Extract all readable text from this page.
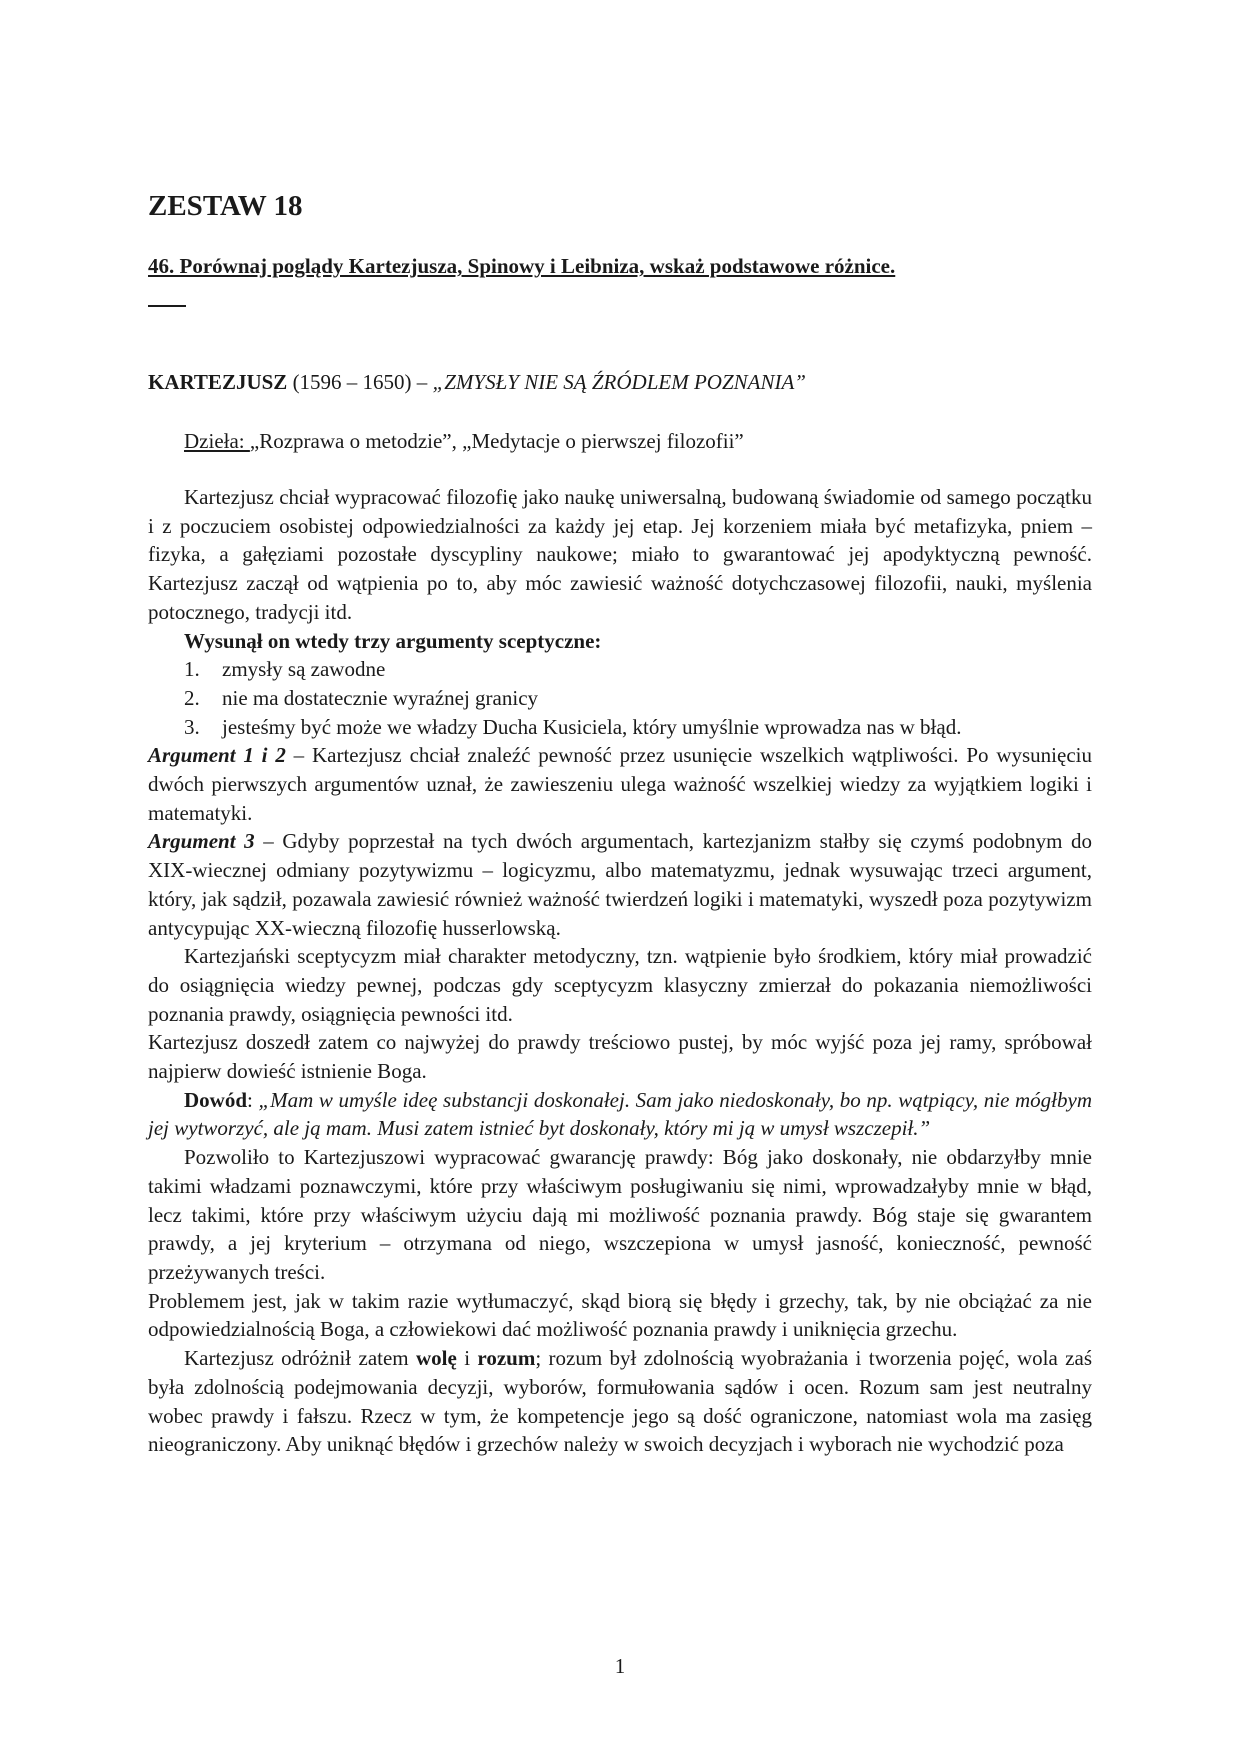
ZESTAW 18

46. Porównaj poglądy Kartezjusza, Spinowy i Leibniza, wskaż podstawowe różnice.

KARTEZJUSZ (1596 – 1650) – „ZMYSŁY NIE SĄ ŹRÓDLEM POZNANIA”

Dzieła: „Rozprawa o metodzie”, „Medytacje o pierwszej filozofii”

Kartezjusz chciał wypracować filozofię jako naukę uniwersalną, budowaną świadomie od samego początku i z poczuciem osobistej odpowiedzialności za każdy jej etap. Jej korzeniem miała być metafizyka, pniem – fizyka, a gałęziami pozostałe dyscypliny naukowe; miało to gwarantować jej apodyktyczną pewność. Kartezjusz zaczął od wątpienia po to, aby móc zawiesić ważność dotychczasowej filozofii, nauki, myślenia potocznego, tradycji itd.

Wysunął on wtedy trzy argumenty sceptyczne:

1. zmysły są zawodne
2. nie ma dostatecznie wyraźnej granicy
3. jesteśmy być może we władzy Ducha Kusiciela, który umyślnie wprowadza nas w błąd.

Argument 1 i 2 – Kartezjusz chciał znaleźć pewność przez usunięcie wszelkich wątpliwości. Po wysunięciu dwóch pierwszych argumentów uznał, że zawieszeniu ulega ważność wszelkiej wiedzy za wyjątkiem logiki i matematyki.

Argument 3 – Gdyby poprzestał na tych dwóch argumentach, kartezjanizm stałby się czymś podobnym do XIX-wiecznej odmiany pozytywizmu – logicyzmu, albo matematyzmu, jednak wysuwając trzeci argument, który, jak sądził, pozawala zawiesić również ważność twierdzeń logiki i matematyki, wyszedł poza pozytywizm antycypując XX-wieczną filozofię husserlowską.

Kartezjański sceptycyzm miał charakter metodyczny, tzn. wątpienie było środkiem, który miał prowadzić do osiągnięcia wiedzy pewnej, podczas gdy sceptycyzm klasyczny zmierzał do pokazania niemożliwości poznania prawdy, osiągnięcia pewności itd.

Kartezjusz doszedł zatem co najwyżej do prawdy treściowo pustej, by móc wyjść poza jej ramy, spróbował najpierw dowieść istnienie Boga.

Dowód: „Mam w umyśle ideę substancji doskonałej. Sam jako niedoskonały, bo np. wątpiący, nie mógłbym jej wytworzyć, ale ją mam. Musi zatem istnieć byt doskonały, który mi ją w umysł wszczepił.”

Pozwoliło to Kartezjuszowi wypracować gwarancję prawdy: Bóg jako doskonały, nie obdarzyłby mnie takimi władzami poznawczymi, które przy właściwym posługiwaniu się nimi, wprowadzałyby mnie w błąd, lecz takimi, które przy właściwym użyciu dają mi możliwość poznania prawdy. Bóg staje się gwarantem prawdy, a jej kryterium – otrzymana od niego, wszczepiona w umysł jasność, konieczność, pewność przeżywanych treści.

Problemem jest, jak w takim razie wytłumaczyć, skąd biorą się błędy i grzechy, tak, by nie obciążać za nie odpowiedzialnością Boga, a człowiekowi dać możliwość poznania prawdy i uniknięcia grzechu.

Kartezjusz odróżnił zatem wolę i rozum; rozum był zdolnością wyobrażania i tworzenia pojęć, wola zaś była zdolnością podejmowania decyzji, wyborów, formułowania sądów i ocen. Rozum sam jest neutralny wobec prawdy i fałszu. Rzecz w tym, że kompetencje jego są dość ograniczone, natomiast wola ma zasięg nieograniczony. Aby uniknąć błędów i grzechów należy w swoich decyzjach i wyborach nie wychodzić poza

1
